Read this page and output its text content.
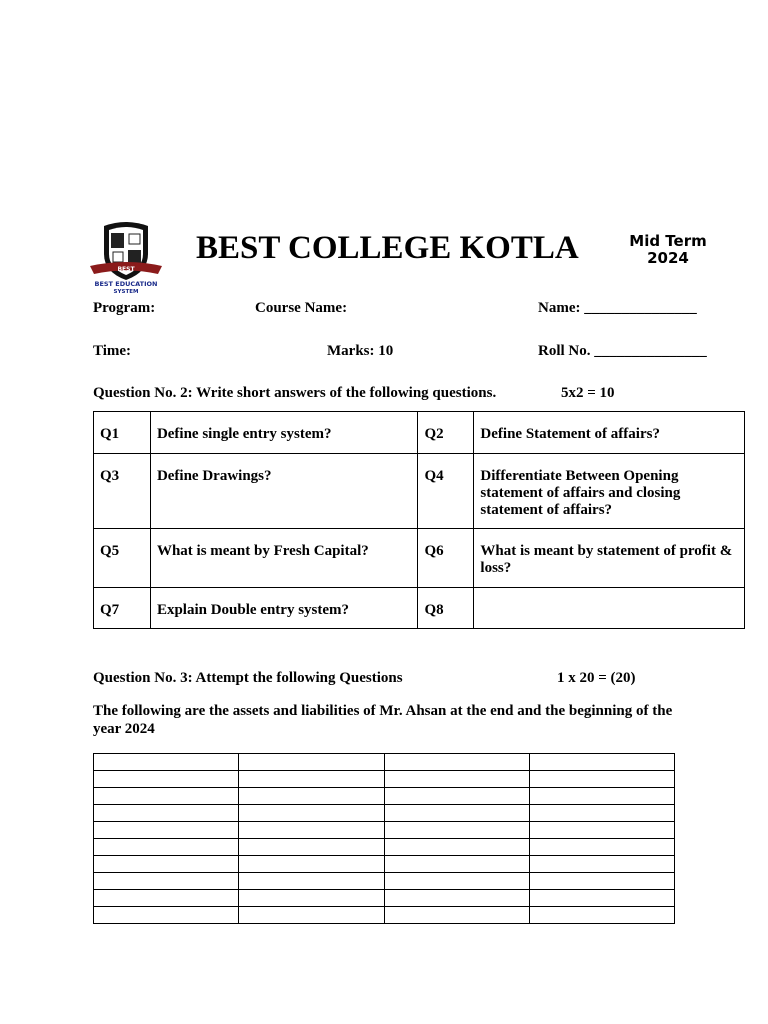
BEST
BEST EDUCATION
SYSTEM
BEST COLLEGE KOTLA	Mid Term
2024
Program:	Course Name:	Name: _______________
Time:	Marks: 10	Roll No. _______________
Question No. 2: Write short answers of the following questions.	5x2 = 10
Q1	Define single entry system?	Q2	Define Statement of affairs?
Q3	Define Drawings?	Q4	Differentiate Between Opening statement of affairs and closing statement of affairs?
Q5	What is meant by Fresh Capital?	Q6	What is meant by statement of profit & loss?
Q7	Explain Double entry system?	Q8	
Question No. 3: Attempt the following Questions	1 x 20 = (20)
The following are the assets and liabilities of Mr. Ahsan at the end and the beginning of the year 2024
